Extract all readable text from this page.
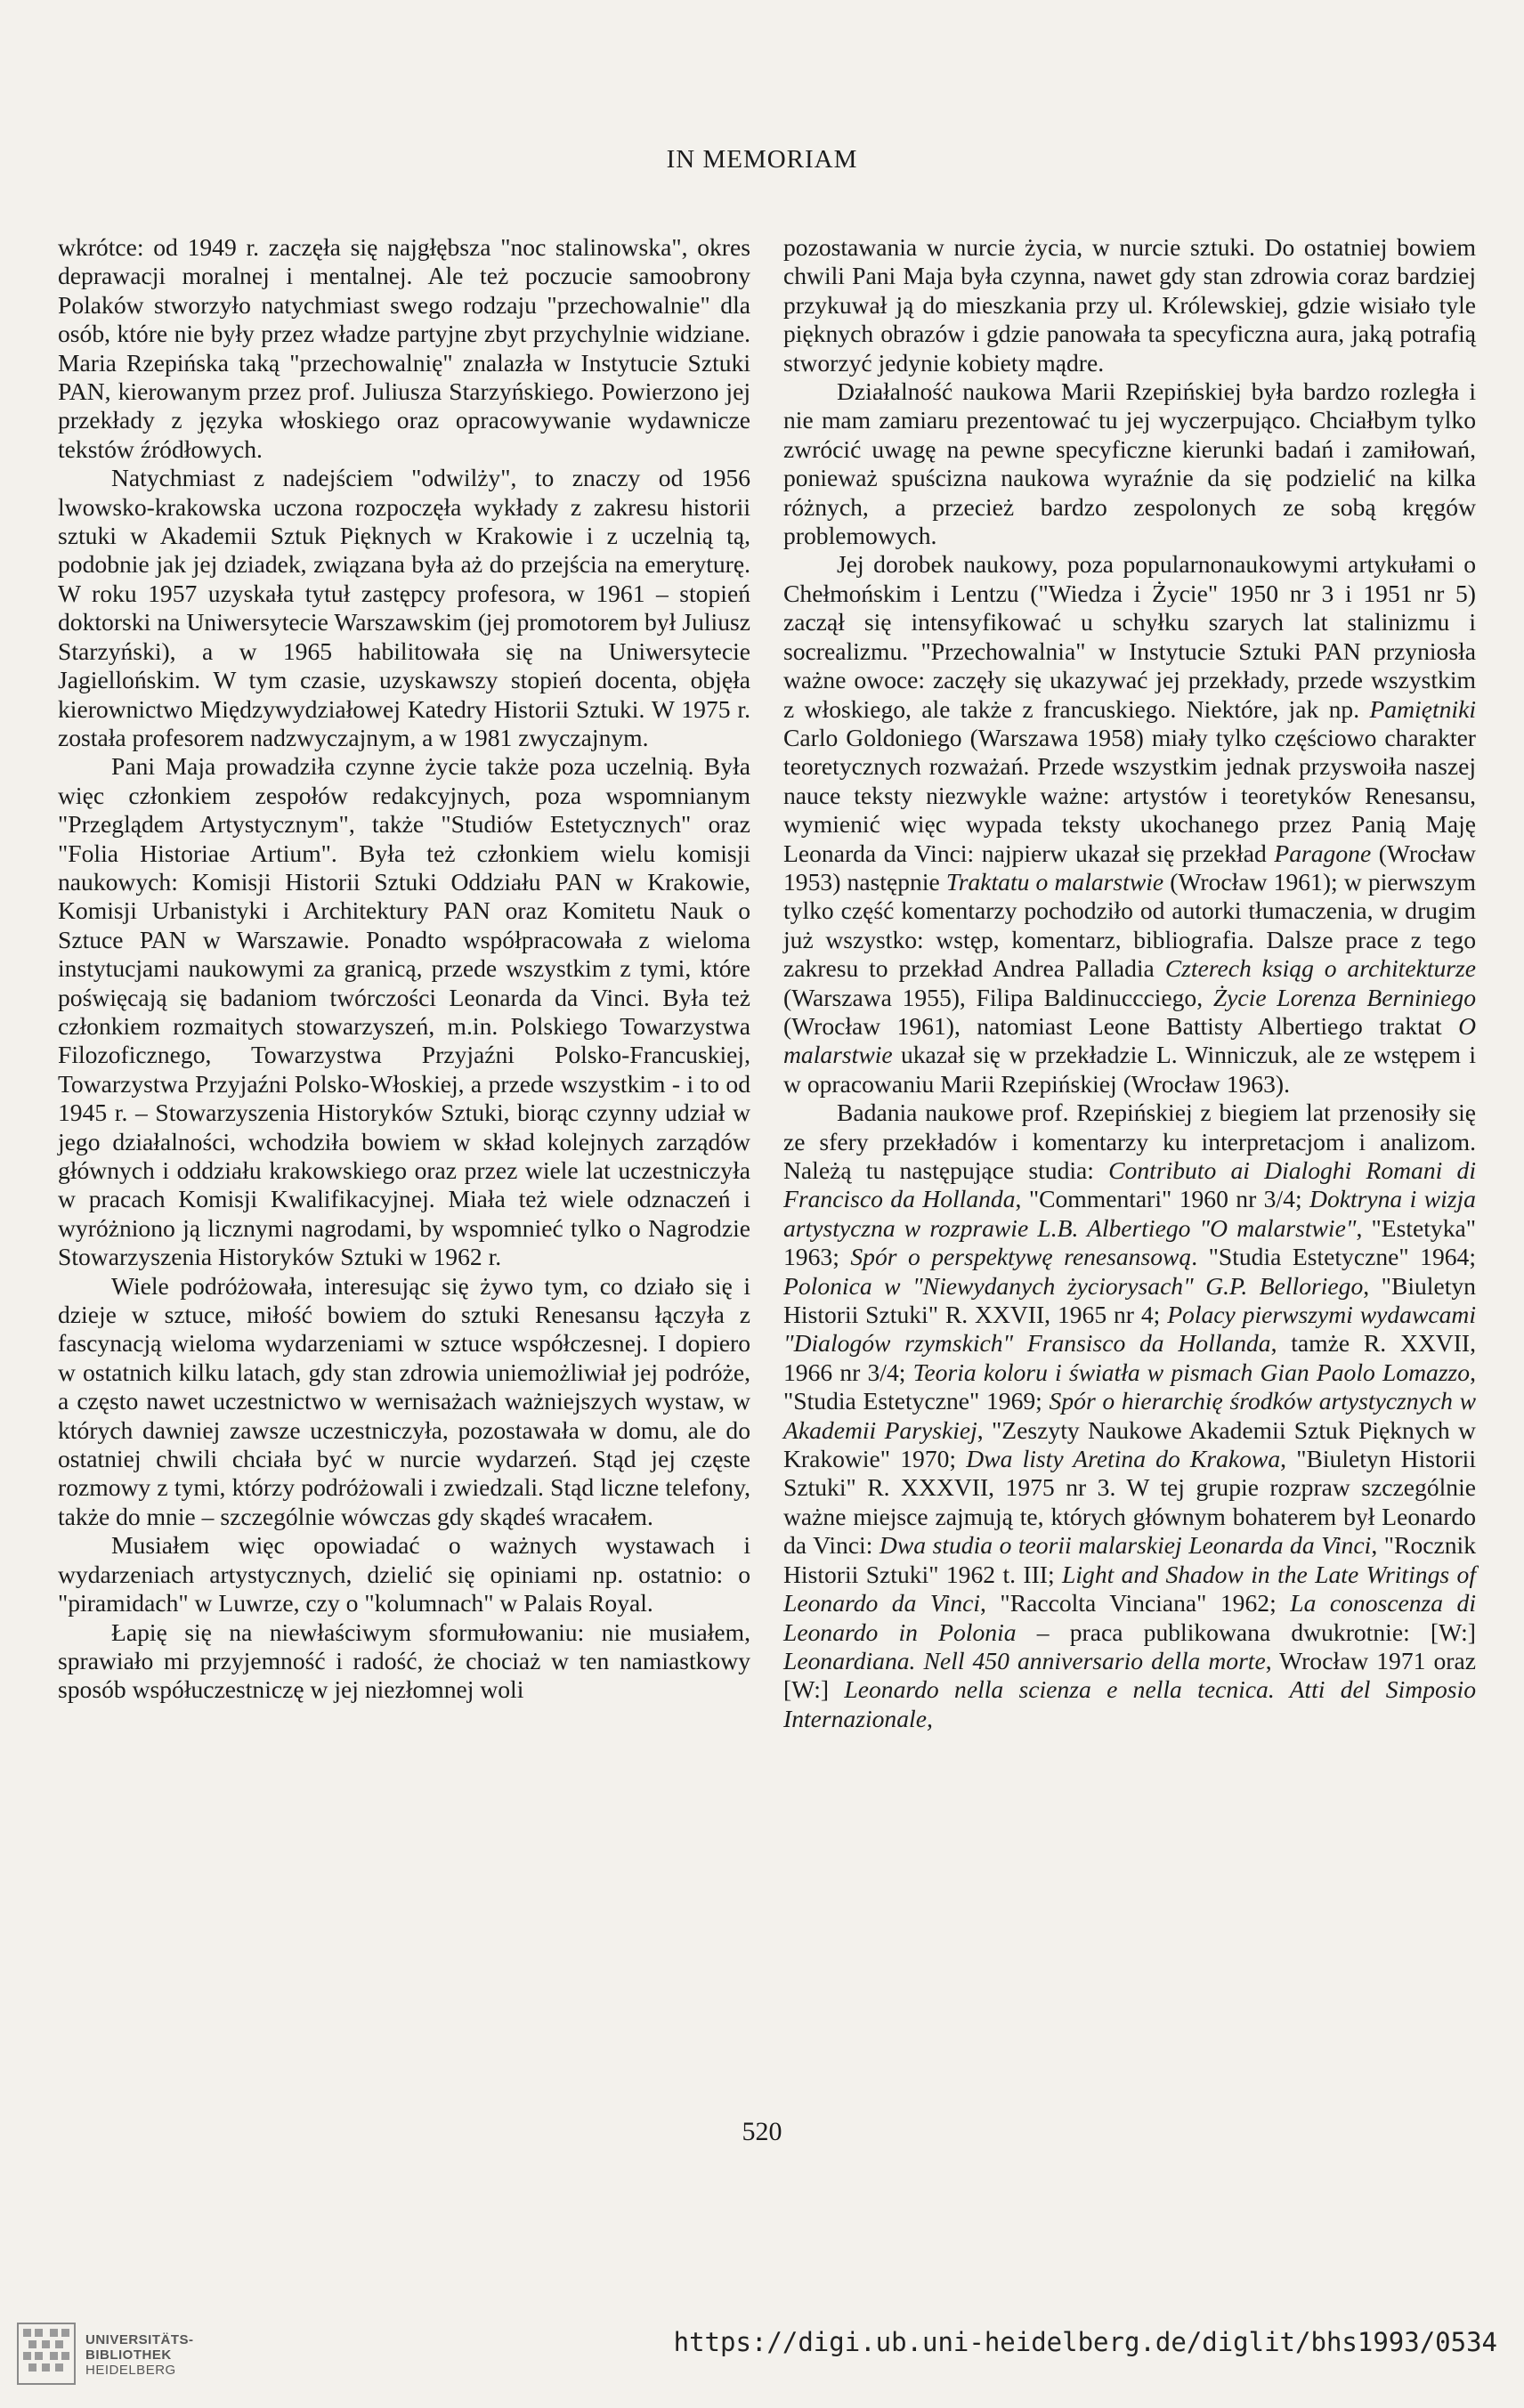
IN MEMORIAM

wkrótce: od 1949 r. zaczęła się najgłębsza "noc stalinowska", okres deprawacji moralnej i mentalnej. Ale też poczucie samoobrony Polaków stworzyło natychmiast swego rodzaju "przechowalnie" dla osób, które nie były przez władze partyjne zbyt przychylnie widziane. Maria Rzepińska taką "przechowalnię" znalazła w Instytucie Sztuki PAN, kierowanym przez prof. Juliusza Starzyńskiego. Powierzono jej przekłady z języka włoskiego oraz opracowywanie wydawnicze tekstów źródłowych.

Natychmiast z nadejściem "odwilży", to znaczy od 1956 lwowsko-krakowska uczona rozpoczęła wykłady z zakresu historii sztuki w Akademii Sztuk Pięknych w Krakowie i z uczelnią tą, podobnie jak jej dziadek, związana była aż do przejścia na emeryturę. W roku 1957 uzyskała tytuł zastępcy profesora, w 1961 – stopień doktorski na Uniwersytecie Warszawskim (jej promotorem był Juliusz Starzyński), a w 1965 habilitowała się na Uniwersytecie Jagiellońskim. W tym czasie, uzyskawszy stopień docenta, objęła kierownictwo Międzywydziałowej Katedry Historii Sztuki. W 1975 r. została profesorem nadzwyczajnym, a w 1981 zwyczajnym.

Pani Maja prowadziła czynne życie także poza uczelnią. Była więc członkiem zespołów redakcyjnych, poza wspomnianym "Przeglądem Artystycznym", także "Studiów Estetycznych" oraz "Folia Historiae Artium". Była też członkiem wielu komisji naukowych: Komisji Historii Sztuki Oddziału PAN w Krakowie, Komisji Urbanistyki i Architektury PAN oraz Komitetu Nauk o Sztuce PAN w Warszawie. Ponadto współpracowała z wieloma instytucjami naukowymi za granicą, przede wszystkim z tymi, które poświęcają się badaniom twórczości Leonarda da Vinci. Była też członkiem rozmaitych stowarzyszeń, m.in. Polskiego Towarzystwa Filozoficznego, Towarzystwa Przyjaźni Polsko-Francuskiej, Towarzystwa Przyjaźni Polsko-Włoskiej, a przede wszystkim - i to od 1945 r. – Stowarzyszenia Historyków Sztuki, biorąc czynny udział w jego działalności, wchodziła bowiem w skład kolejnych zarządów głównych i oddziału krakowskiego oraz przez wiele lat uczestniczyła w pracach Komisji Kwalifikacyjnej. Miała też wiele odznaczeń i wyróżniono ją licznymi nagrodami, by wspomnieć tylko o Nagrodzie Stowarzyszenia Historyków Sztuki w 1962 r.

Wiele podróżowała, interesując się żywo tym, co działo się i dzieje w sztuce, miłość bowiem do sztuki Renesansu łączyła z fascynacją wieloma wydarzeniami w sztuce współczesnej. I dopiero w ostatnich kilku latach, gdy stan zdrowia uniemożliwiał jej podróże, a często nawet uczestnictwo w wernisażach ważniejszych wystaw, w których dawniej zawsze uczestniczyła, pozostawała w domu, ale do ostatniej chwili chciała być w nurcie wydarzeń. Stąd jej częste rozmowy z tymi, którzy podróżowali i zwiedzali. Stąd liczne telefony, także do mnie – szczególnie wówczas gdy skądeś wracałem.

Musiałem więc opowiadać o ważnych wystawach i wydarzeniach artystycznych, dzielić się opiniami np. ostatnio: o "piramidach" w Luwrze, czy o "kolumnach" w Palais Royal.

Łapię się na niewłaściwym sformułowaniu: nie musiałem, sprawiało mi przyjemność i radość, że chociaż w ten namiastkowy sposób współuczestniczę w jej niezłomnej woli

pozostawania w nurcie życia, w nurcie sztuki. Do ostatniej bowiem chwili Pani Maja była czynna, nawet gdy stan zdrowia coraz bardziej przykuwał ją do mieszkania przy ul. Królewskiej, gdzie wisiało tyle pięknych obrazów i gdzie panowała ta specyficzna aura, jaką potrafią stworzyć jedynie kobiety mądre.

Działalność naukowa Marii Rzepińskiej była bardzo rozległa i nie mam zamiaru prezentować tu jej wyczerpująco. Chciałbym tylko zwrócić uwagę na pewne specyficzne kierunki badań i zamiłowań, ponieważ spuścizna naukowa wyraźnie da się podzielić na kilka różnych, a przecież bardzo zespolonych ze sobą kręgów problemowych.

Jej dorobek naukowy, poza popularnonaukowymi artykułami o Chełmońskim i Lentzu ("Wiedza i Życie" 1950 nr 3 i 1951 nr 5) zaczął się intensyfikować u schyłku szarych lat stalinizmu i socrealizmu. "Przechowalnia" w Instytucie Sztuki PAN przyniosła ważne owoce: zaczęły się ukazywać jej przekłady, przede wszystkim z włoskiego, ale także z francuskiego. Niektóre, jak np. Pamiętniki Carlo Goldoniego (Warszawa 1958) miały tylko częściowo charakter teoretycznych rozważań. Przede wszystkim jednak przyswoiła naszej nauce teksty niezwykle ważne: artystów i teoretyków Renesansu, wymienić więc wypada teksty ukochanego przez Panią Maję Leonarda da Vinci: najpierw ukazał się przekład Paragone (Wrocław 1953) następnie Traktatu o malarstwie (Wrocław 1961); w pierwszym tylko część komentarzy pochodziło od autorki tłumaczenia, w drugim już wszystko: wstęp, komentarz, bibliografia. Dalsze prace z tego zakresu to przekład Andrea Palladia Czterech ksiąg o architekturze (Warszawa 1955), Filipa Baldinuccciego, Życie Lorenza Berniniego (Wrocław 1961), natomiast Leone Battisty Albertiego traktat O malarstwie ukazał się w przekładzie L. Winniczuk, ale ze wstępem i w opracowaniu Marii Rzepińskiej (Wrocław 1963).

Badania naukowe prof. Rzepińskiej z biegiem lat przenosiły się ze sfery przekładów i komentarzy ku interpretacjom i analizom. Należą tu następujące studia: Contributo ai Dialoghi Romani di Francisco da Hollanda, "Commentari" 1960 nr 3/4; Doktryna i wizja artystyczna w rozprawie L.B. Albertiego "O malarstwie", "Estetyka" 1963; Spór o perspektywę renesansową. "Studia Estetyczne" 1964; Polonica w "Niewydanych życiorysach" G.P. Belloriego, "Biuletyn Historii Sztuki" R. XXVII, 1965 nr 4; Polacy pierwszymi wydawcami "Dialogów rzymskich" Fransisco da Hollanda, tamże R. XXVII, 1966 nr 3/4; Teoria koloru i światła w pismach Gian Paolo Lomazzo, "Studia Estetyczne" 1969; Spór o hierarchię środków artystycznych w Akademii Paryskiej, "Zeszyty Naukowe Akademii Sztuk Pięknych w Krakowie" 1970; Dwa listy Aretina do Krakowa, "Biuletyn Historii Sztuki" R. XXXVII, 1975 nr 3. W tej grupie rozpraw szczególnie ważne miejsce zajmują te, których głównym bohaterem był Leonardo da Vinci: Dwa studia o teorii malarskiej Leonarda da Vinci, "Rocznik Historii Sztuki" 1962 t. III; Light and Shadow in the Late Writings of Leonardo da Vinci, "Raccolta Vinciana" 1962; La conoscenza di Leonardo in Polonia – praca publikowana dwukrotnie: [W:] Leonardiana. Nell 450 anniversario della morte, Wrocław 1971 oraz [W:] Leonardo nella scienza e nella tecnica. Atti del Simposio Internazionale,

520
UNIVERSITÄTS-
BIBLIOTHEK
HEIDELBERG
https://digi.ub.uni-heidelberg.de/diglit/bhs1993/0534
